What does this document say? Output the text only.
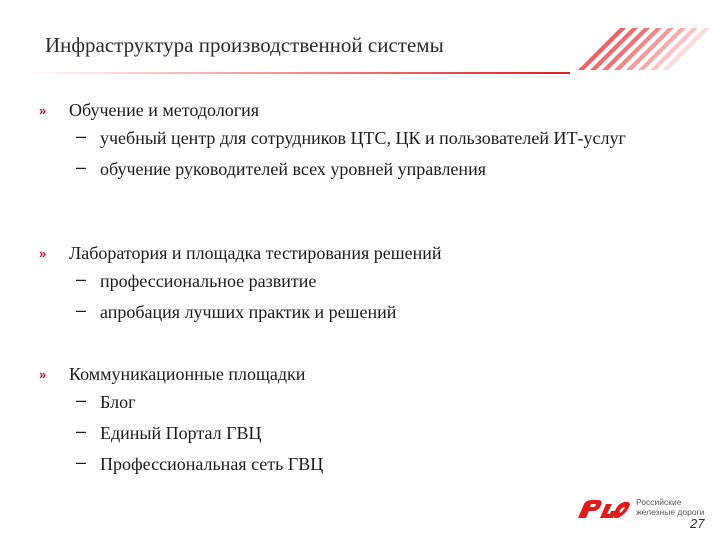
Инфраструктура производственной системы
» Обучение и методология
– учебный центр для сотрудников ЦТС, ЦК и пользователей ИТ-услуг
– обучение руководителей всех уровней управления
» Лаборатория и площадка тестирования решений
– профессиональное развитие
– апробация лучших практик и решений
» Коммуникационные площадки
– Блог
– Единый Портал ГВЦ
– Профессиональная сеть ГВЦ
Российские
железные дороги
27
